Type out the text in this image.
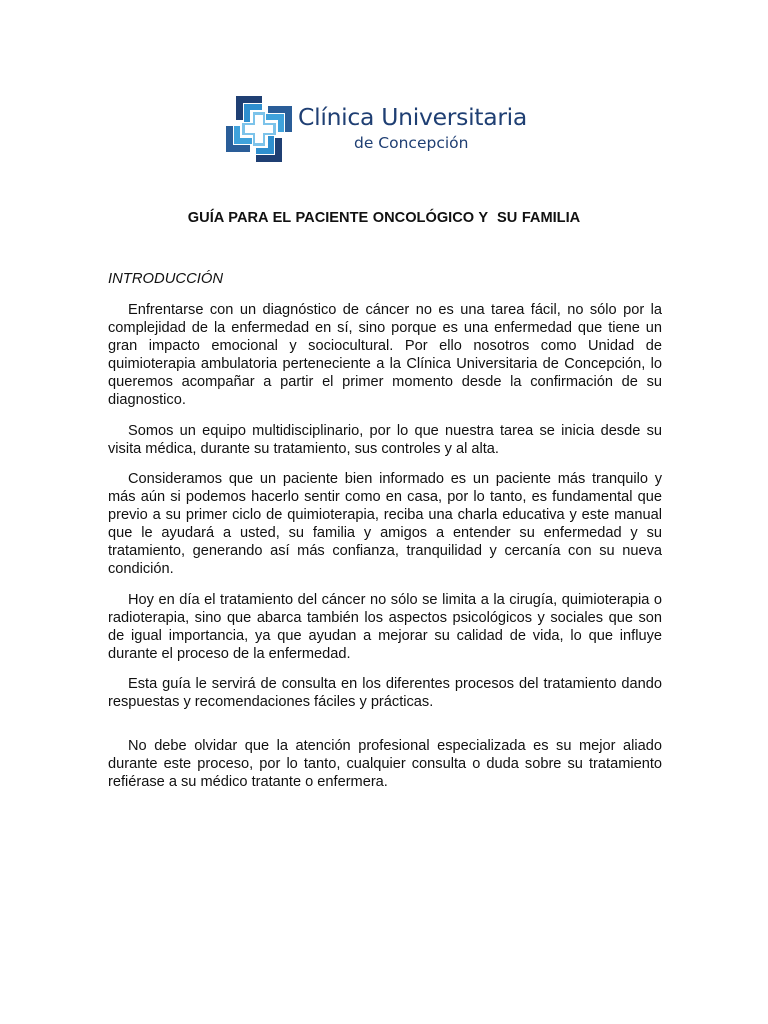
Clínica Universitaria
de Concepción
GUÍA PARA EL PACIENTE ONCOLÓGICO Y  SU FAMILIA
INTRODUCCIÓN

Enfrentarse con un diagnóstico de cáncer no es una tarea fácil, no sólo por la complejidad de la enfermedad en sí, sino porque es una enfermedad que tiene un gran impacto emocional y sociocultural. Por ello nosotros como Unidad de quimioterapia ambulatoria perteneciente a la Clínica Universitaria de Concepción, lo queremos acompañar a partir el primer momento desde la confirmación de su diagnostico.

Somos un equipo multidisciplinario, por lo que nuestra tarea se inicia desde su visita médica, durante su tratamiento, sus controles y al alta.

Consideramos que un paciente bien informado es un paciente más tranquilo y más aún si podemos hacerlo sentir como en casa, por lo tanto, es fundamental que previo a su primer ciclo de quimioterapia, reciba una charla educativa y este manual que le ayudará a usted, su familia y amigos a entender su enfermedad y su tratamiento, generando así más confianza, tranquilidad y cercanía con su nueva condición.

Hoy en día el tratamiento del cáncer no sólo se limita a la cirugía, quimioterapia o radioterapia, sino que abarca también los aspectos psicológicos y sociales que son de igual importancia, ya que ayudan a mejorar su calidad de vida, lo que influye durante el proceso de la enfermedad.

Esta guía le servirá de consulta en los diferentes procesos del tratamiento dando respuestas y recomendaciones fáciles y prácticas.

No debe olvidar que la atención profesional especializada es su mejor aliado durante este proceso, por lo tanto, cualquier consulta o duda sobre su tratamiento refiérase a su médico tratante o enfermera.
